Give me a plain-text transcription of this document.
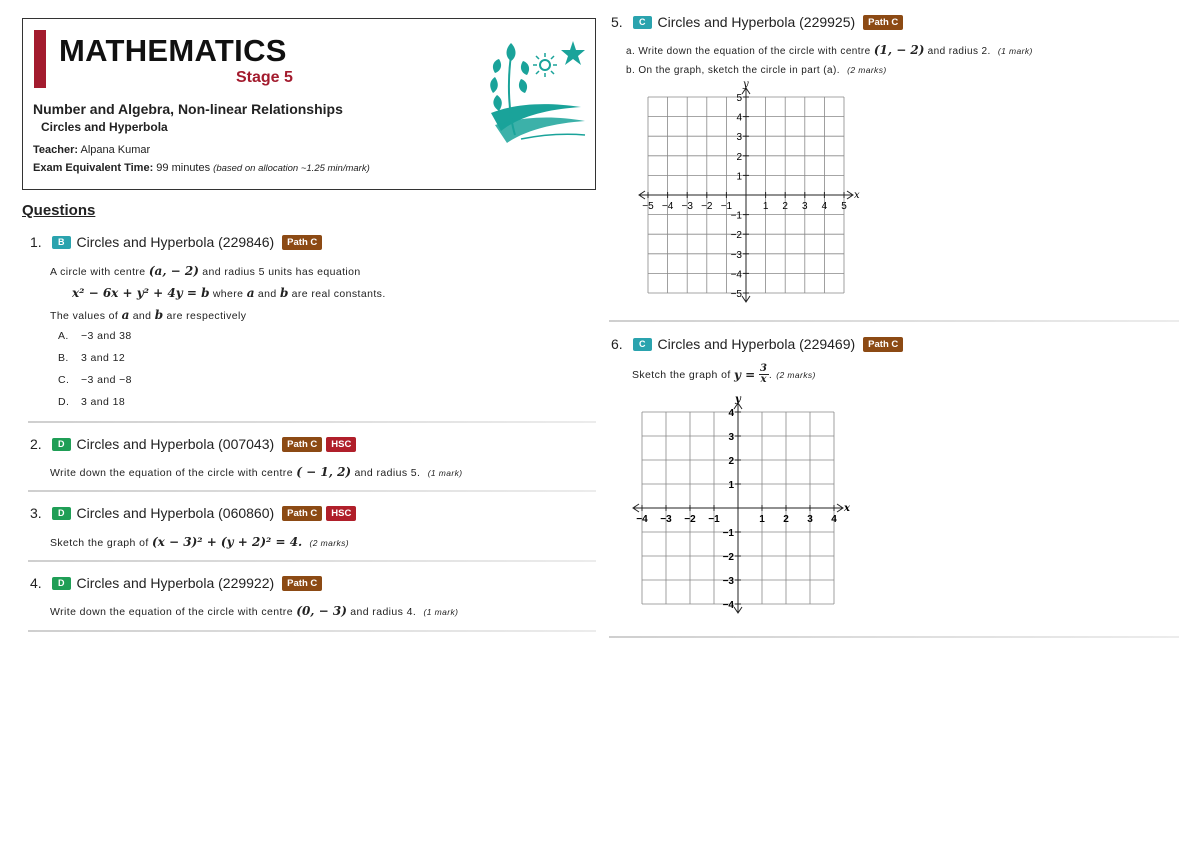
MATHEMATICS
Stage 5
Number and Algebra, Non-linear Relationships
Circles and Hyperbola
Teacher: Alpana Kumar
Exam Equivalent Time: 99 minutes (based on allocation ~1.25 min/mark)
Questions
1.	B Circles and Hyperbola (229846)	Path C
A circle with centre (a, − 2) and radius 5 units has equation
x² − 6x + y² + 4y = b where a and b are real constants.
The values of a and b are respectively
A. −3 and 38
B. 3 and 12
C. −3 and −8
D. 3 and 18
2.	D Circles and Hyperbola (007043)	Path C	HSC
Write down the equation of the circle with centre ( − 1, 2) and radius 5. (1 mark)
3.	D Circles and Hyperbola (060860)	Path C	HSC
Sketch the graph of (x − 3)² + (y + 2)² = 4. (2 marks)
4.	D Circles and Hyperbola (229922)	Path C
Write down the equation of the circle with centre (0, − 3) and radius 4. (1 mark)
5.	C Circles and Hyperbola (229925)	Path C
a. Write down the equation of the circle with centre (1, − 2) and radius 2. (1 mark)
b. On the graph, sketch the circle in part (a). (2 marks)
x
y
−5 −4 −3 −2 −1	1 2 3 4 5
5
4
3
2
1
−1
−2
−3
−4
−5
6.	C Circles and Hyperbola (229469)	Path C
Sketch the graph of
y =
$\frac{3}{x}$ . (2 marks)
x
y
−4 −3 −2 −1	1 2 3 4
4
3
2
1
−1
−2
−3
−4
